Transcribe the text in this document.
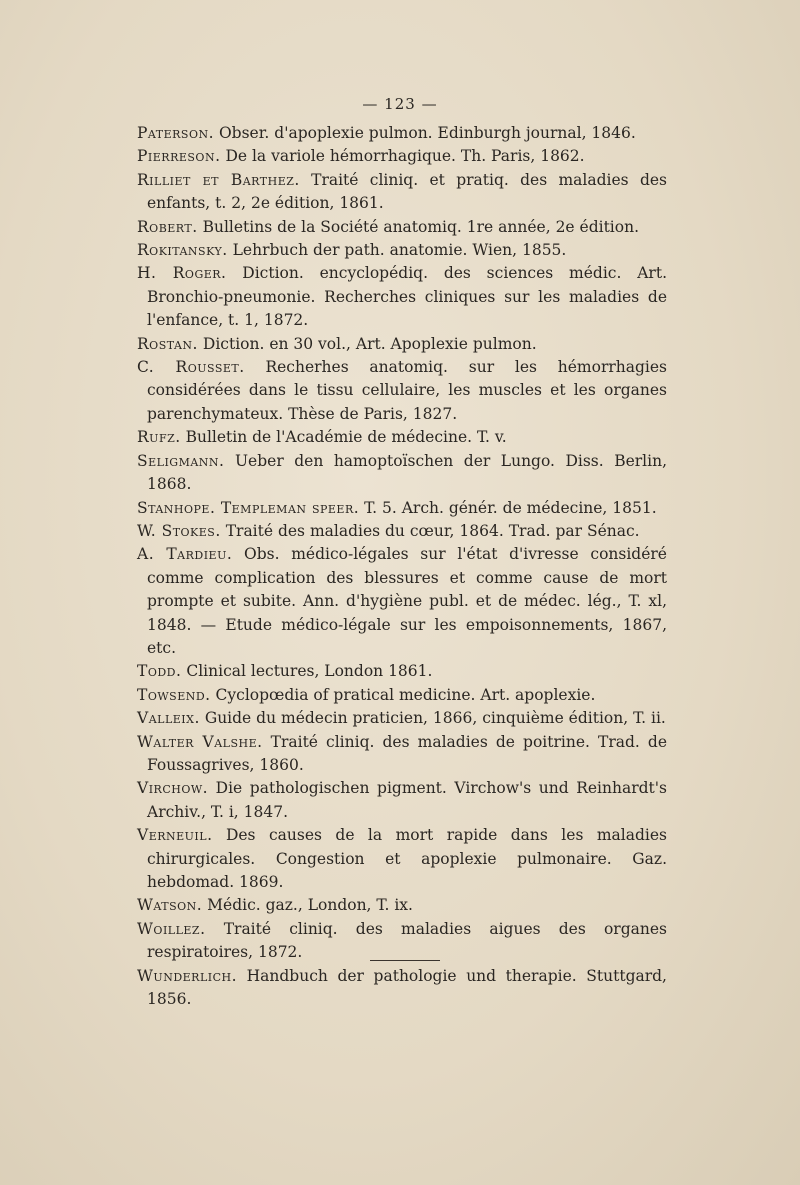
— 123 —
Paterson. Obser. d'apoplexie pulmon. Edinburgh journal, 1846.
Pierreson. De la variole hémorrhagique. Th. Paris, 1862.
Rilliet et Barthez. Traité cliniq. et pratiq. des maladies des enfants, t. 2, 2e édition, 1861.
Robert. Bulletins de la Société anatomiq. 1re année, 2e édition.
Rokitansky. Lehrbuch der path. anatomie. Wien, 1855.
H. Roger. Diction. encyclopédiq. des sciences médic. Art. Bronchio-pneumonie. Recherches cliniques sur les maladies de l'enfance, t. 1, 1872.
Rostan. Diction. en 30 vol., Art. Apoplexie pulmon.
C. Rousset. Recherhes anatomiq. sur les hémorrhagies considérées dans le tissu cellulaire, les muscles et les organes parenchymateux. Thèse de Paris, 1827.
Rufz. Bulletin de l'Académie de médecine. T. v.
Seligmann. Ueber den hamoptoïschen der Lungo. Diss. Berlin, 1868.
Stanhope. Templeman speer. T. 5. Arch. génér. de médecine, 1851.
W. Stokes. Traité des maladies du cœur, 1864. Trad. par Sénac.
A. Tardieu. Obs. médico-légales sur l'état d'ivresse considéré comme complication des blessures et comme cause de mort prompte et subite. Ann. d'hygiène publ. et de médec. lég., T. xl, 1848. — Etude médico-légale sur les empoisonnements, 1867, etc.
Todd. Clinical lectures, London 1861.
Towsend. Cyclopœdia of pratical medicine. Art. apoplexie.
Valleix. Guide du médecin praticien, 1866, cinquième édition, T. ii.
Walter Valshe. Traité cliniq. des maladies de poitrine. Trad. de Foussagrives, 1860.
Virchow. Die pathologischen pigment. Virchow's und Reinhardt's Archiv., T. i, 1847.
Verneuil. Des causes de la mort rapide dans les maladies chirurgicales. Congestion et apoplexie pulmonaire. Gaz. hebdomad. 1869.
Watson. Médic. gaz., London, T. ix.
Woillez. Traité cliniq. des maladies aigues des organes respiratoires, 1872.
Wunderlich. Handbuch der pathologie und therapie. Stuttgard, 1856.
